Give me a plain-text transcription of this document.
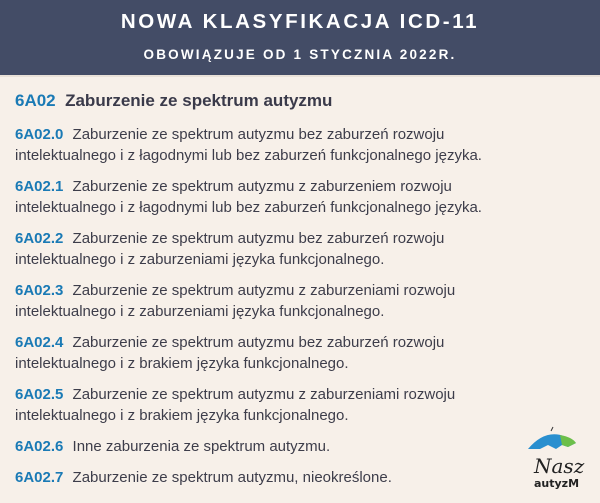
NOWA KLASYFIKACJA ICD-11
OBOWIĄZUJE OD 1 STYCZNIA 2022R.
6A02 Zaburzenie ze spektrum autyzmu
6A02.0 Zaburzenie ze spektrum autyzmu bez zaburzeń rozwoju
intelektualnego i z łagodnymi lub bez zaburzeń funkcjonalnego języka.
6A02.1 Zaburzenie ze spektrum autyzmu z zaburzeniem rozwoju
intelektualnego i z łagodnymi lub bez zaburzeń funkcjonalnego języka.
6A02.2 Zaburzenie ze spektrum autyzmu bez zaburzeń rozwoju
intelektualnego i z zaburzeniami języka funkcjonalnego.
6A02.3 Zaburzenie ze spektrum autyzmu z zaburzeniami rozwoju
intelektualnego i z zaburzeniami języka funkcjonalnego.
6A02.4 Zaburzenie ze spektrum autyzmu bez zaburzeń rozwoju
intelektualnego i z brakiem języka funkcjonalnego.
6A02.5 Zaburzenie ze spektrum autyzmu z zaburzeniami rozwoju
intelektualnego i z brakiem języka funkcjonalnego.
6A02.6 Inne zaburzenia ze spektrum autyzmu.
6A02.7 Zaburzenie ze spektrum autyzmu, nieokreślone.	Nasz
autyzM
